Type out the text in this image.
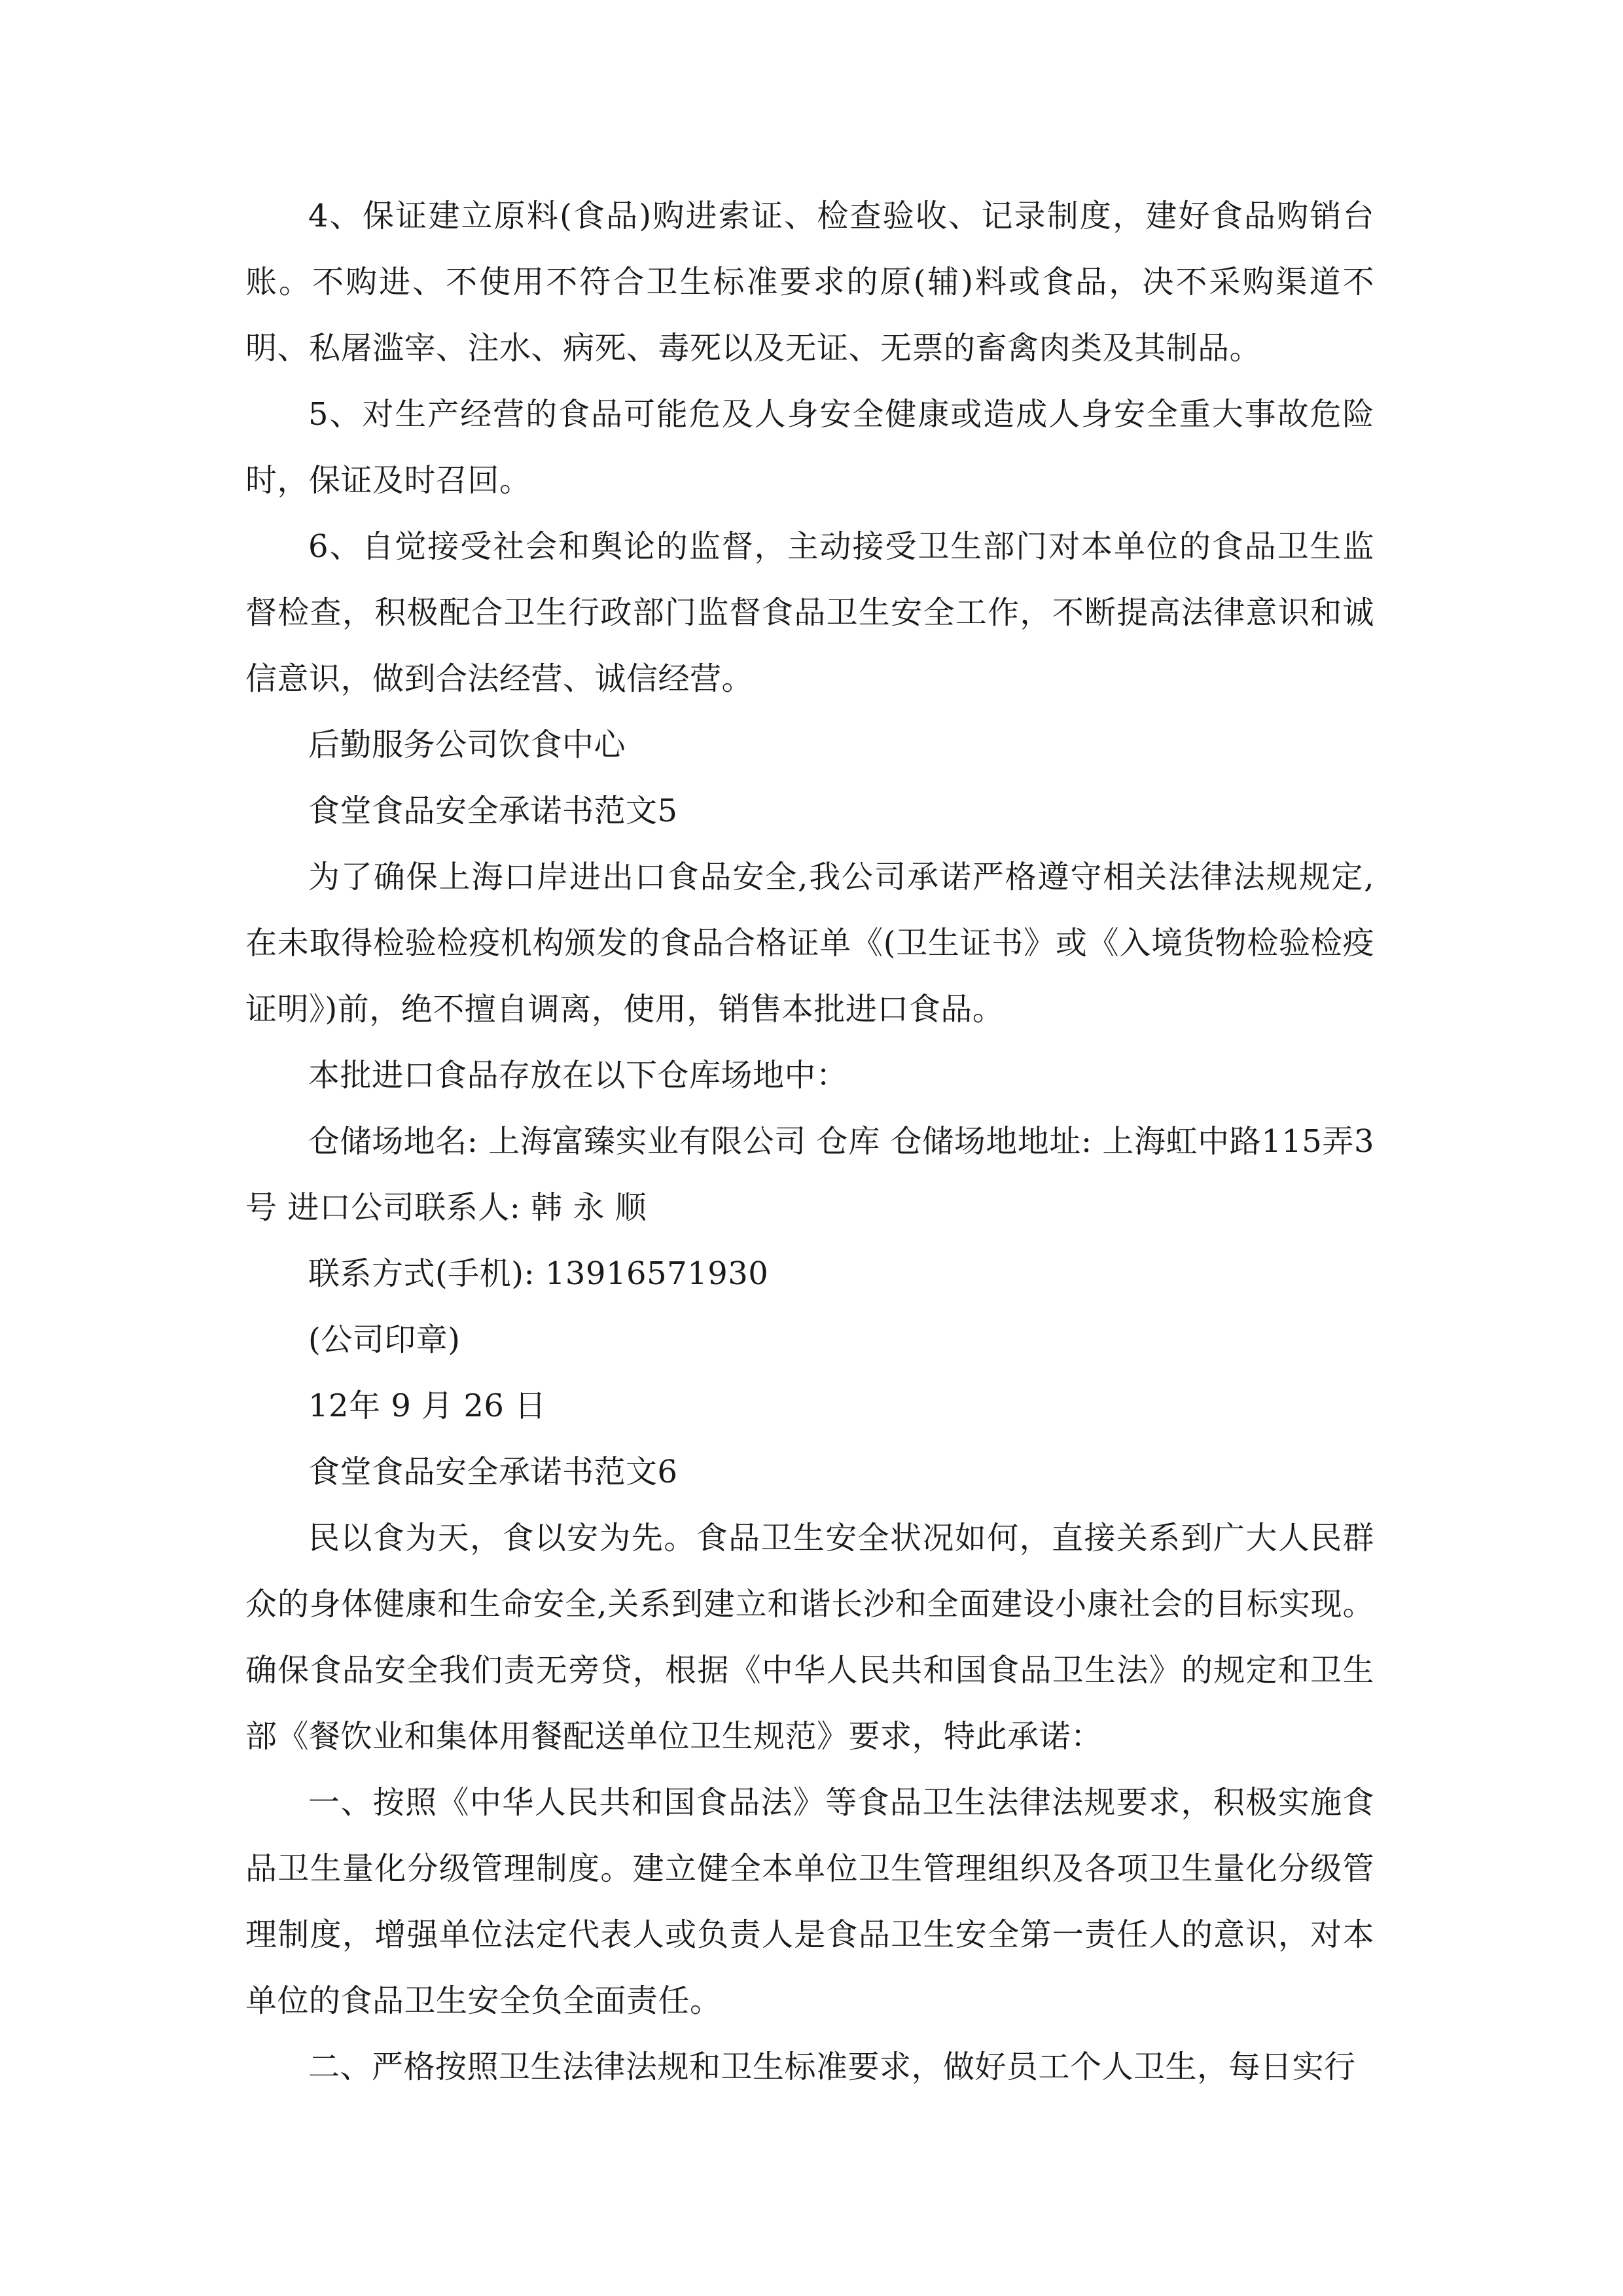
4、保证建立原料(食品)购进索证、检查验收、记录制度，建好食品购销台账。不购进、不使用不符合卫生标准要求的原(辅)料或食品，决不采购渠道不明、私屠滥宰、注水、病死、毒死以及无证、无票的畜禽肉类及其制品。

5、对生产经营的食品可能危及人身安全健康或造成人身安全重大事故危险时，保证及时召回。

6、自觉接受社会和舆论的监督，主动接受卫生部门对本单位的食品卫生监督检查，积极配合卫生行政部门监督食品卫生安全工作，不断提高法律意识和诚信意识，做到合法经营、诚信经营。

后勤服务公司饮食中心

食堂食品安全承诺书范文5

为了确保上海口岸进出口食品安全,我公司承诺严格遵守相关法律法规规定,在未取得检验检疫机构颁发的食品合格证单《(卫生证书》或《入境货物检验检疫证明》)前，绝不擅自调离，使用，销售本批进口食品。

本批进口食品存放在以下仓库场地中：

仓储场地名: 上海富臻实业有限公司 仓库 仓储场地地址: 上海虹中路115弄3号 进口公司联系人: 韩 永 顺

联系方式(手机): 13916571930

(公司印章)

12年 9 月 26 日

食堂食品安全承诺书范文6

民以食为天，食以安为先。食品卫生安全状况如何，直接关系到广大人民群众的身体健康和生命安全,关系到建立和谐长沙和全面建设小康社会的目标实现。确保食品安全我们责无旁贷，根据《中华人民共和国食品卫生法》的规定和卫生部《餐饮业和集体用餐配送单位卫生规范》要求，特此承诺：

一、按照《中华人民共和国食品法》等食品卫生法律法规要求，积极实施食品卫生量化分级管理制度。建立健全本单位卫生管理组织及各项卫生量化分级管理制度，增强单位法定代表人或负责人是食品卫生安全第一责任人的意识，对本单位的食品卫生安全负全面责任。

二、严格按照卫生法律法规和卫生标准要求，做好员工个人卫生，每日实行
